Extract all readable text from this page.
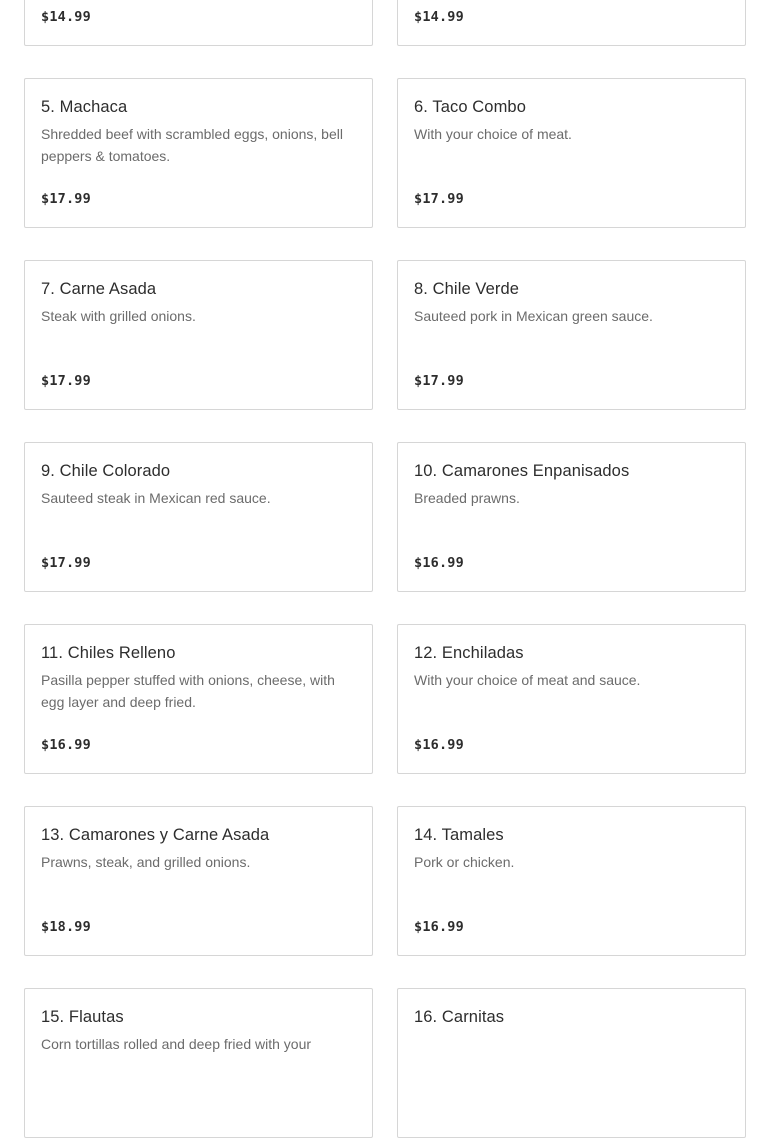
$14.99	$14.99
5. Machaca
Shredded beef with scrambled eggs, onions, bell peppers & tomatoes.
$17.99
6. Taco Combo
With your choice of meat.
$17.99
7. Carne Asada
Steak with grilled onions.
$17.99
8. Chile Verde
Sauteed pork in Mexican green sauce.
$17.99
9. Chile Colorado
Sauteed steak in Mexican red sauce.
$17.99
10. Camarones Enpanisados
Breaded prawns.
$16.99
11. Chiles Relleno
Pasilla pepper stuffed with onions, cheese, with egg layer and deep fried.
$16.99
12. Enchiladas
With your choice of meat and sauce.
$16.99
13. Camarones y Carne Asada
Prawns, steak, and grilled onions.
$18.99
14. Tamales
Pork or chicken.
$16.99
15. Flautas
Corn tortillas rolled and deep fried with your
16. Carnitas
